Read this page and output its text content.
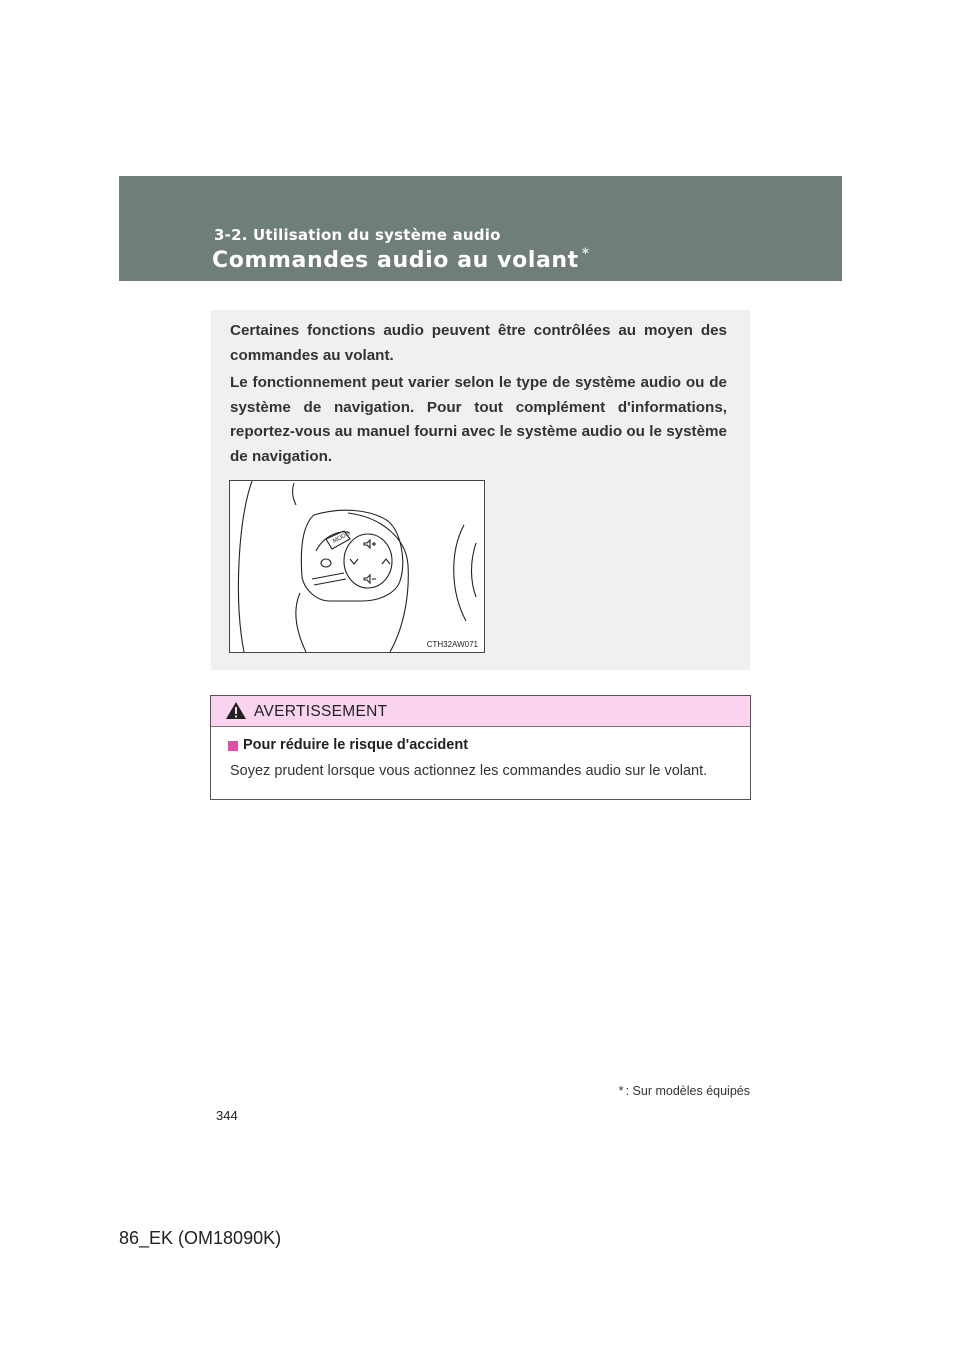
3-2. Utilisation du système audio
Commandes audio au volant *

Certaines fonctions audio peuvent être contrôlées au moyen des commandes au volant.

Le fonctionnement peut varier selon le type de système audio ou de système de navigation. Pour tout complément d'informations, reportez-vous au manuel fourni avec le système audio ou le système de navigation.

MODE
CTH32AW071
AVERTISSEMENT
Pour réduire le risque d'accident
Soyez prudent lorsque vous actionnez les commandes audio sur le volant.
* : Sur modèles équipés
344
86_EK (OM18090K)
